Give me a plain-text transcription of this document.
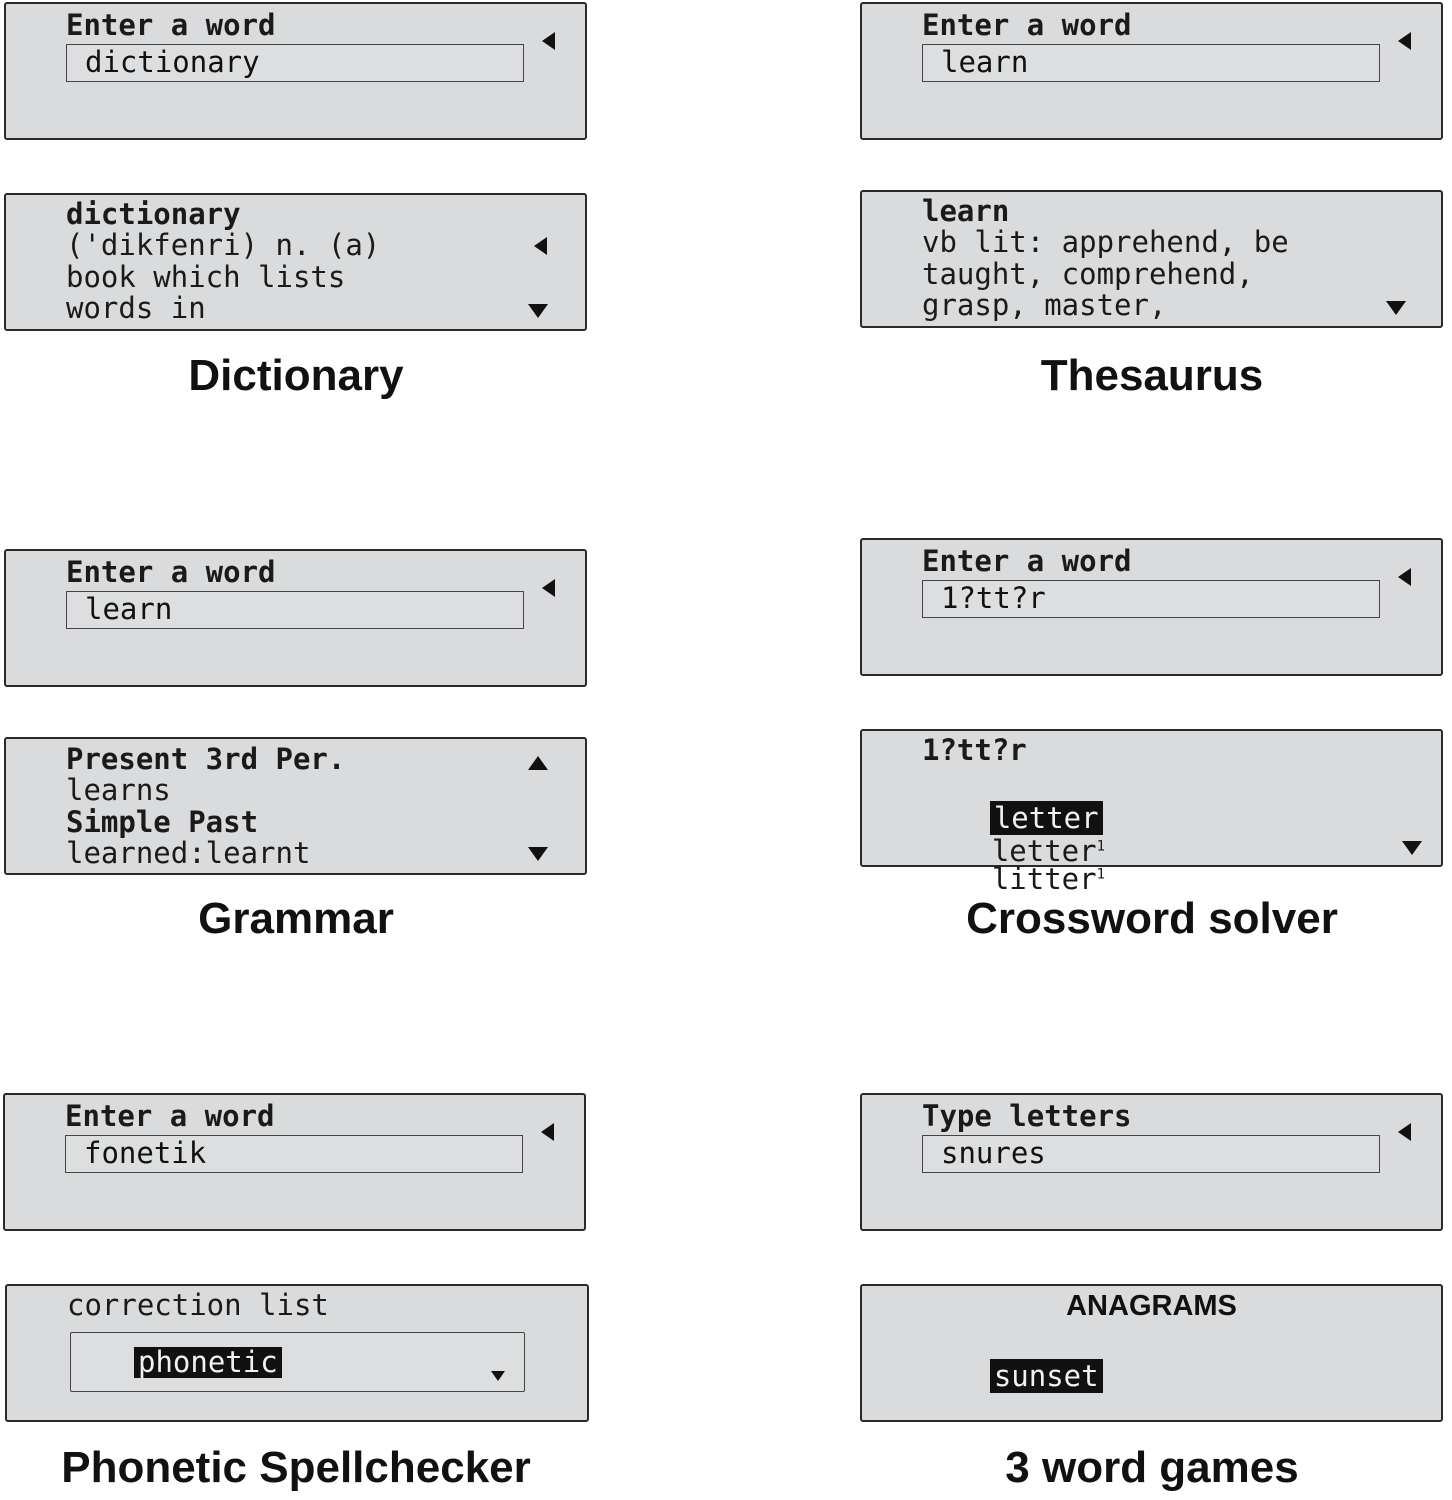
Enter a word
dictionary
dictionary
('dikfenri) n. (a)
book which lists
words in
Dictionary
Enter a word
learn
learn
vb lit: apprehend, be
taught, comprehend,
grasp, master,
Thesaurus
Enter a word
learn
Present 3rd Per.
learns
Simple Past
learned:learnt
Grammar
Enter a word
1?tt?r
1?tt?r

letter

letter$^1$

litter$^1$

Crossword solver
Enter a word
fonetik
correction list
phonetic
Phonetic Spellchecker
Type letters
snures
ANAGRAMS

sunset

3 word games
